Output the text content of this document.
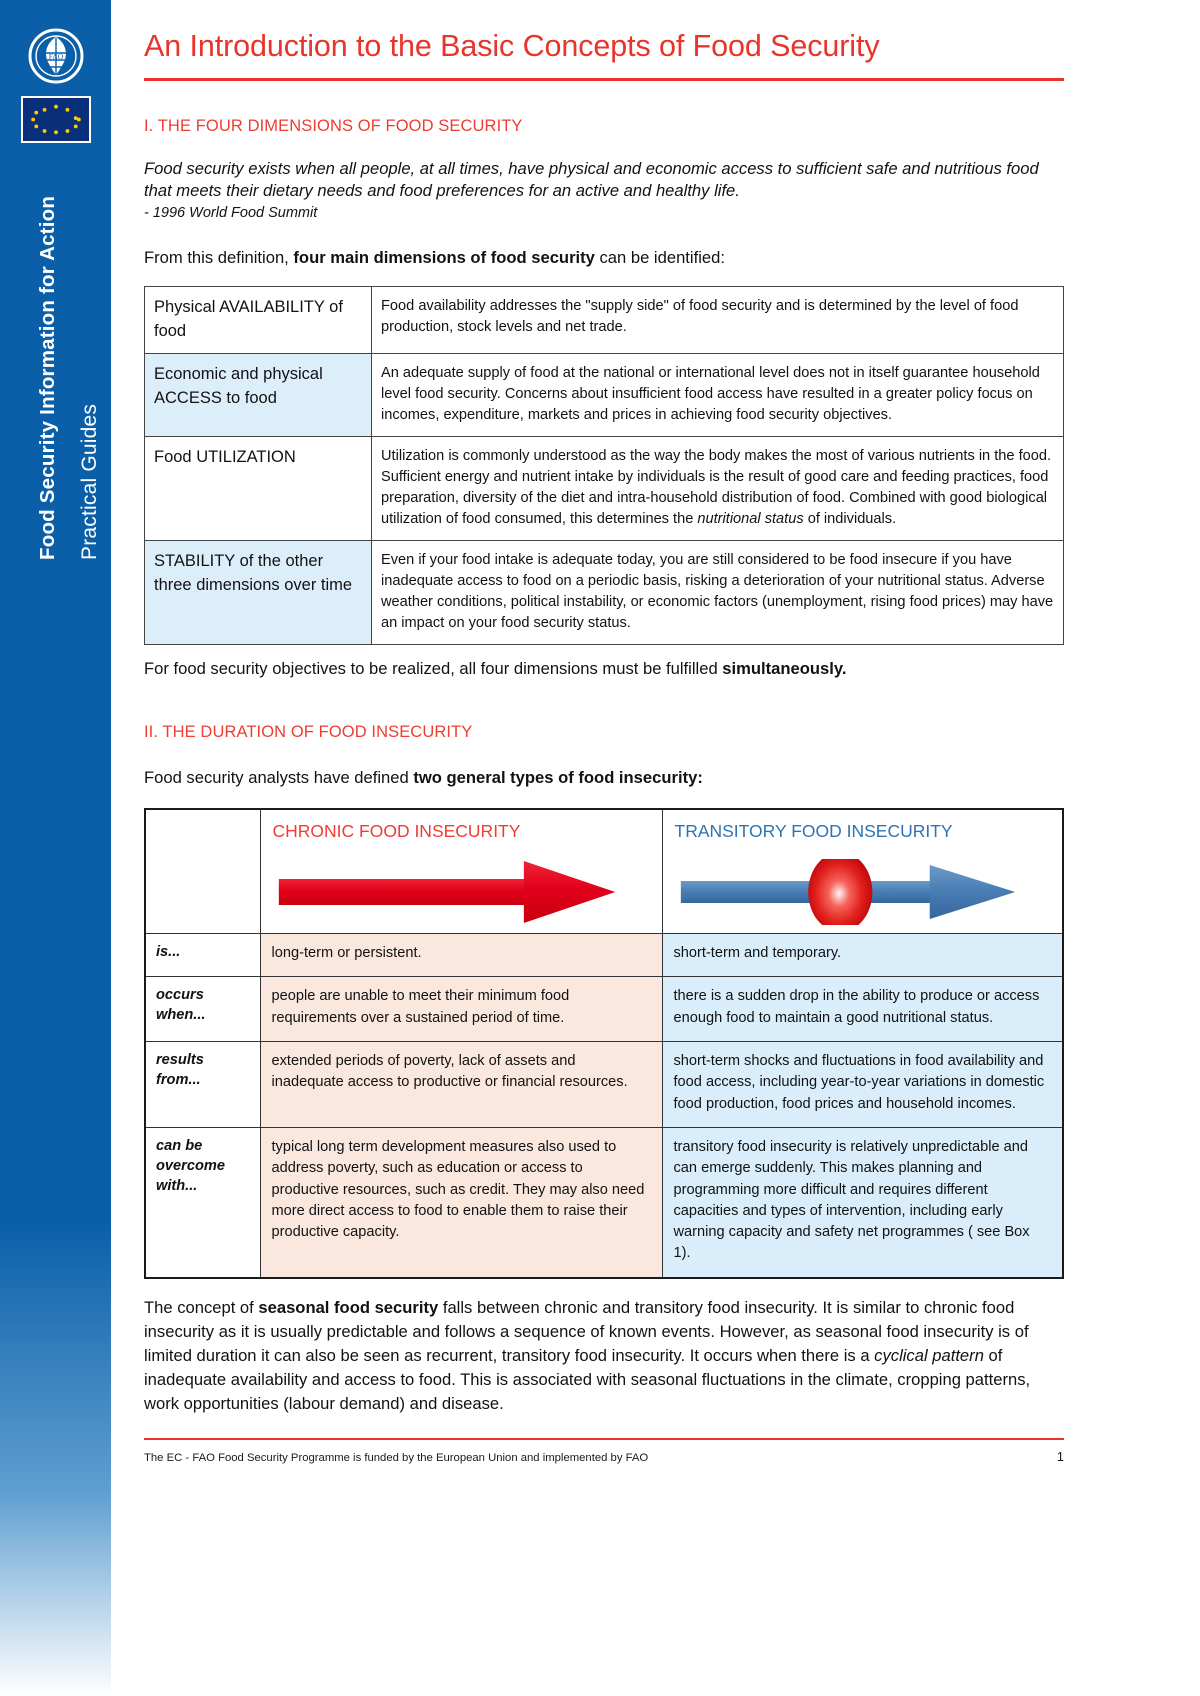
FAO
Food Security Information for Action Practical Guides
An Introduction to the Basic Concepts of Food Security
I. THE FOUR DIMENSIONS OF FOOD SECURITY
Food security exists when all people, at all times, have physical and economic access to sufficient safe and nutritious food that meets their dietary needs and food preferences for an active and healthy life.
- 1996 World Food Summit
From this definition, four main dimensions of food security can be identified:
Physical AVAILABILITY of food	Food availability addresses the "supply side" of food security and is determined by the level of food production, stock levels and net trade.
Economic and physical ACCESS to food	An adequate supply of food at the national or international level does not in itself guarantee household level food security. Concerns about insufficient food access have resulted in a greater policy focus on incomes, expenditure, markets and prices in achieving food security objectives.
Food UTILIZATION	Utilization is commonly understood as the way the body makes the most of various nutrients in the food. Sufficient energy and nutrient intake by individuals is the result of good care and feeding practices, food preparation, diversity of the diet and intra-household distribution of food. Combined with good biological utilization of food consumed, this determines the nutritional status of individuals.
STABILITY of the other three dimensions over time	Even if your food intake is adequate today, you are still considered to be food insecure if you have inadequate access to food on a periodic basis, risking a deterioration of your nutritional status. Adverse weather conditions, political instability, or economic factors (unemployment, rising food prices) may have an impact on your food security status.
For food security objectives to be realized, all four dimensions must be fulfilled simultaneously.
II. THE DURATION OF FOOD INSECURITY
Food security analysts have defined two general types of food insecurity:

	CHRONIC FOOD INSECURITY	TRANSITORY FOOD INSECURITY

is...	long-term or persistent.	short-term and temporary.
occurs when...	people are unable to meet their minimum food requirements over a sustained period of time.	there is a sudden drop in the ability to produce or access enough food to maintain a good nutritional status.
results from...	extended periods of poverty, lack of assets and inadequate access to productive or financial resources.	short-term shocks and fluctuations in food availability and food access, including year-to-year variations in domestic food production, food prices and household incomes.
can be overcome with...	typical long term development measures also used to address poverty, such as education or access to productive resources, such as credit. They may also need more direct access to food to enable them to raise their productive capacity.	transitory food insecurity is relatively unpredictable and can emerge suddenly. This makes planning and programming more difficult and requires different capacities and types of intervention, including early warning capacity and safety net programmes ( see Box 1).
The concept of seasonal food security falls between chronic and transitory food insecurity. It is similar to chronic food insecurity as it is usually predictable and follows a sequence of known events. However, as seasonal food insecurity is of limited duration it can also be seen as recurrent, transitory food insecurity. It occurs when there is a cyclical pattern of inadequate availability and access to food. This is associated with seasonal fluctuations in the climate, cropping patterns, work opportunities (labour demand) and disease.
The EC - FAO Food Security Programme is funded by the European Union and implemented by FAO	1
